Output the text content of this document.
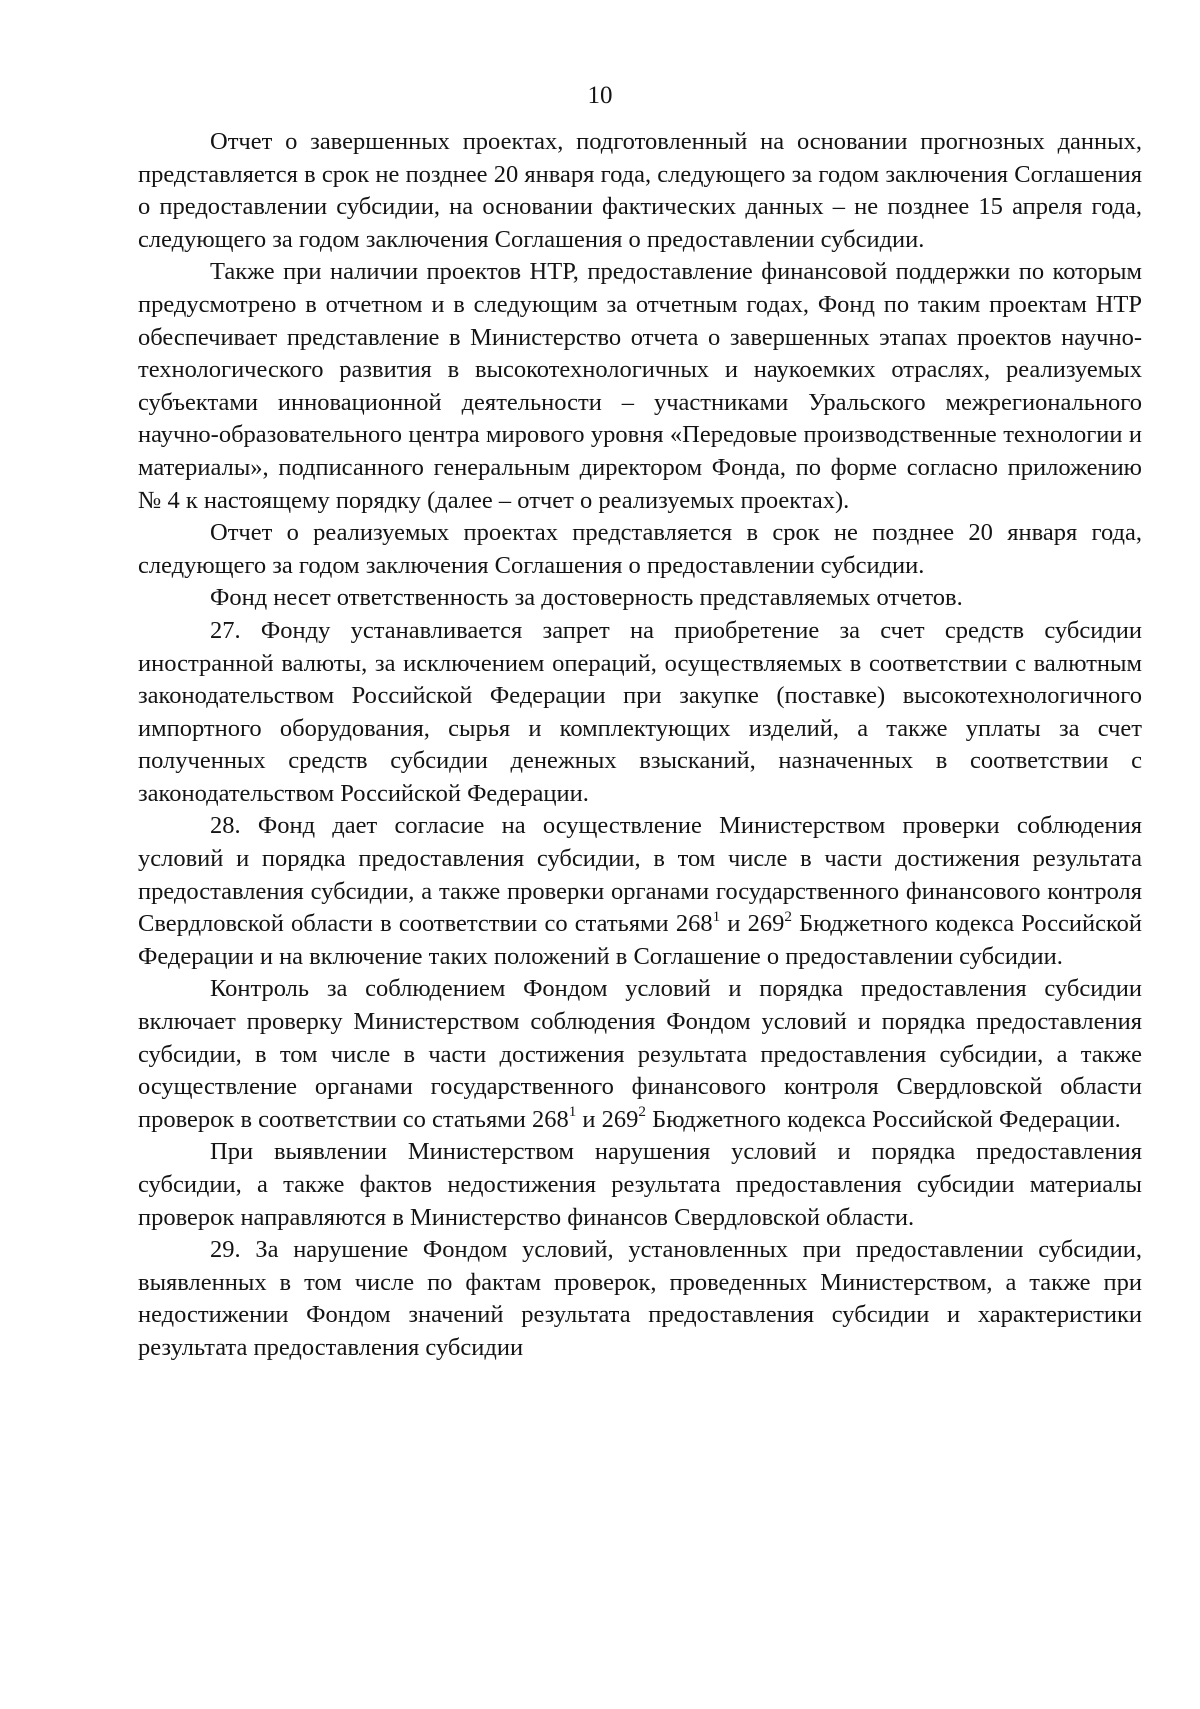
10

Отчет о завершенных проектах, подготовленный на основании прогнозных данных, представляется в срок не позднее 20 января года, следующего за годом заключения Соглашения о предоставлении субсидии, на основании фактических данных – не позднее 15 апреля года, следующего за годом заключения Соглашения о предоставлении субсидии.

Также при наличии проектов НТР, предоставление финансовой поддержки по которым предусмотрено в отчетном и в следующим за отчетным годах, Фонд по таким проектам НТР обеспечивает представление в Министерство отчета о завершенных этапах проектов научно-технологического развития в высокотехнологичных и наукоемких отраслях, реализуемых субъектами инновационной деятельности – участниками Уральского межрегионального научно-образовательного центра мирового уровня «Передовые производственные технологии и материалы», подписанного генеральным директором Фонда, по форме согласно приложению № 4 к настоящему порядку (далее – отчет о реализуемых проектах).

Отчет о реализуемых проектах представляется в срок не позднее 20 января года, следующего за годом заключения Соглашения о предоставлении субсидии.

Фонд несет ответственность за достоверность представляемых отчетов.

27. Фонду устанавливается запрет на приобретение за счет средств субсидии иностранной валюты, за исключением операций, осуществляемых в соответствии с валютным законодательством Российской Федерации при закупке (поставке) высокотехнологичного импортного оборудования, сырья и комплектующих изделий, а также уплаты за счет полученных средств субсидии денежных взысканий, назначенных в соответствии с законодательством Российской Федерации.

28. Фонд дает согласие на осуществление Министерством проверки соблюдения условий и порядка предоставления субсидии, в том числе в части достижения результата предоставления субсидии, а также проверки органами государственного финансового контроля Свердловской области в соответствии со статьями $268^1$ и $269^2$ Бюджетного кодекса Российской Федерации и на включение таких положений в Соглашение о предоставлении субсидии.

Контроль за соблюдением Фондом условий и порядка предоставления субсидии включает проверку Министерством соблюдения Фондом условий и порядка предоставления субсидии, в том числе в части достижения результата предоставления субсидии, а также осуществление органами государственного финансового контроля Свердловской области проверок в соответствии со статьями $268^1$ и $269^2$ Бюджетного кодекса Российской Федерации.

При выявлении Министерством нарушения условий и порядка предоставления субсидии, а также фактов недостижения результата предоставления субсидии материалы проверок направляются в Министерство финансов Свердловской области.

29. За нарушение Фондом условий, установленных при предоставлении субсидии, выявленных в том числе по фактам проверок, проведенных Министерством, а также при недостижении Фондом значений результата предоставления субсидии и характеристики результата предоставления субсидии
